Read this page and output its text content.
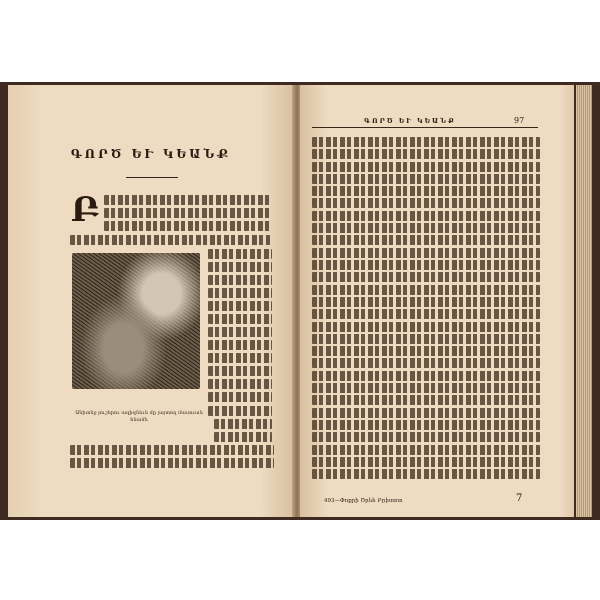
ԳՈՐԾ ԵՒ ԿԵԱՆՔ
Բ
Անխոնջ յուշերու ազիզնեւն մը յայտող մասուան հնամե
ԳՈՐԾ ԵՒ ԿԵԱՆՔ	97
493—Փոքրի Ծրեհ Բրիտոտ	7
